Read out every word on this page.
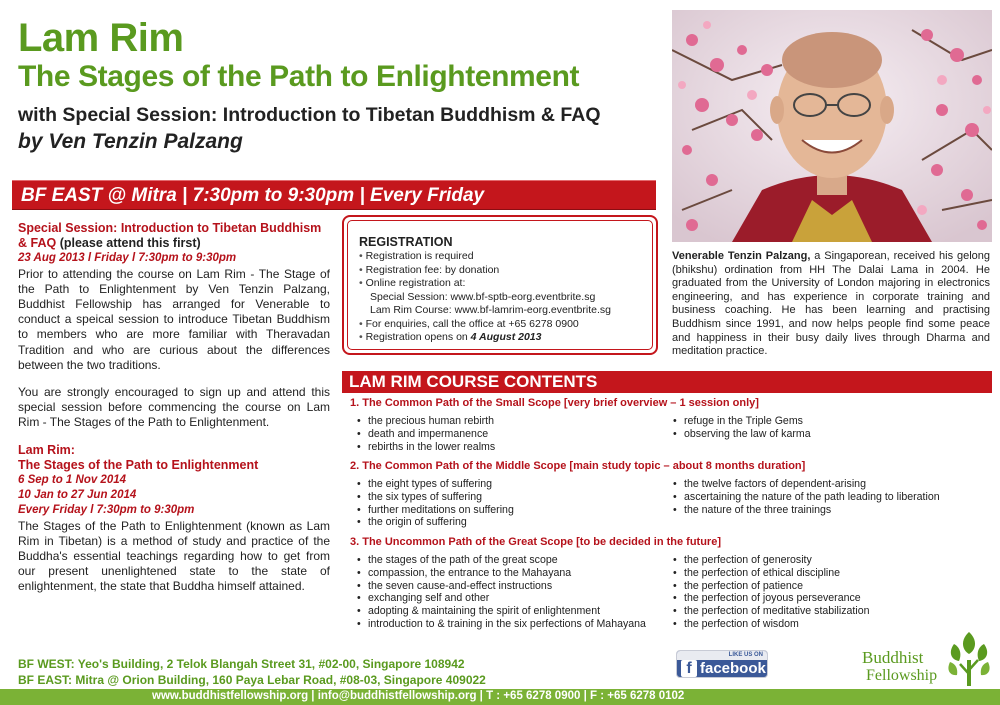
Lam Rim
The Stages of the Path to Enlightenment
with Special Session: Introduction to Tibetan Buddhism & FAQ
by Ven Tenzin Palzang
BF EAST @ Mitra | 7:30pm to 9:30pm | Every Friday
Special Session: Introduction to Tibetan Buddhism & FAQ (please attend this first)
23 Aug 2013 l Friday l 7:30pm to 9:30pm
Prior to attending the course on Lam Rim - The Stage of the Path to Enlightenment by Ven Tenzin Palzang, Buddhist Fellowship has arranged for Venerable to conduct a speical session to introduce Tibetan Buddhism to members who are more familiar with Theravadan Tradition and who are curious about the differences between the two traditions.
You are strongly encouraged to sign up and attend this special session before commencing the course on Lam Rim - The Stages of the Path to Enlightenment.
Lam Rim:
The Stages of the Path to Enlightenment
6 Sep to 1 Nov 2014
10 Jan to 27 Jun 2014
Every Friday l 7:30pm to 9:30pm
The Stages of the Path to Enlightenment (known as Lam Rim in Tibetan) is a method of study and practice of the Buddha's essential teachings regarding how to get from our present unenlightened state to the state of enlightenment, the state that Buddha himself attained.
REGISTRATION
• Registration is required
• Registration fee: by donation
• Online registration at:
Special Session: www.bf-sptb-eorg.eventbrite.sg
Lam Rim Course: www.bf-lamrim-eorg.eventbrite.sg
• For enquiries, call the office at +65 6278 0900
• Registration opens on 4 August 2013
Venerable Tenzin Palzang, a Singaporean, received his gelong (bhikshu) ordination from HH The Dalai Lama in 2004. He graduated from the University of London majoring in electronics engineering, and has experience in corporate training and business coaching. He has been learning and practising Buddhism since 1991, and now helps people find some peace and happiness in their busy daily lives through Dharma and meditation practice.
LAM RIM COURSE CONTENTS
1. The Common Path of the Small Scope [very brief overview – 1 session only]
• the precious human rebirth
• death and impermanence
• rebirths in the lower realms
• refuge in the Triple Gems
• observing the law of karma
2. The Common Path of the Middle Scope [main study topic – about 8 months duration]
• the eight types of suffering
• the six types of suffering
• further meditations on suffering
• the origin of suffering
• the twelve factors of dependent-arising
• ascertaining the nature of the path leading to liberation
• the nature of the three trainings
3. The Uncommon Path of the Great Scope [to be decided in the future]
• the stages of the path of the great scope
• compassion, the entrance to the Mahayana
• the seven cause-and-effect instructions
• exchanging self and other
• adopting & maintaining the spirit of enlightenment
• introduction to & training in the six perfections of Mahayana
• the perfection of generosity
• the perfection of ethical discipline
• the perfection of patience
• the perfection of joyous perseverance
• the perfection of meditative stabilization
• the perfection of wisdom
LIKE US ON
f facebook
Buddhist
Fellowship
BF WEST: Yeo's Building, 2 Telok Blangah Street 31, #02-00, Singapore 108942
BF EAST: Mitra @ Orion Building, 160 Paya Lebar Road, #08-03, Singapore 409022
www.buddhistfellowship.org | info@buddhistfellowship.org | T : +65 6278 0900 | F : +65 6278 0102
